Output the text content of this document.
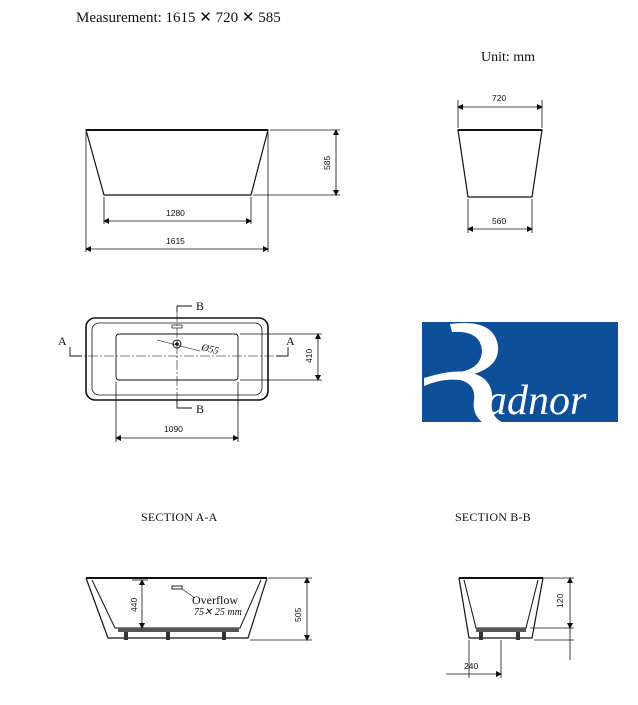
Measurement: 1615 ✕ 720 ✕ 585
Unit: mm
SECTION A-A	SECTION B-B
1280
1615
585
720
560
A	A
B
B
Ø55	410
1090
440
505
Overflow
75✕ 25 mm
120
240
adnor
